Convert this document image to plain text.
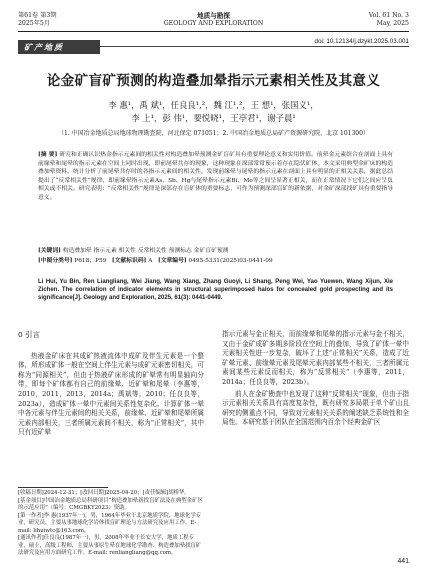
第61卷 第3期
2025年5月
地质与勘探
GEOLOGY AND EXPLORATION
Vol. 61 No. 3
May, 2025
矿产地质
doi: 10.12134/j.dzykt.2025.03.001
论金矿盲矿预测的构造叠加晕指示元素相关性及其意义
李 惠¹，禹 斌¹，任良良¹,²，魏 江¹,²，王 想¹，张国义¹，
李 上¹，彭 伟¹，要悦晓¹，王亭君¹，谢子晨¹
（1. 中国冶金地质总局地球物理勘查院，河北保定 071051；2. 中国冶金地质总局矿产资源研究院，北京 101300）
[摘 要] 研究和正确认识热金指示元素间的相关性对构造叠加晕预测金矿盲矿具有重要理论意义和实用价值。前晕金元素组合在剖面上具有前缘晕和尾晕的指示元素在空间上同时出现，即前尾晕共存的现象，这种现象在深部常常预示着存在隐伏矿体。本文采用典型金矿床的构造叠加晕资料，统计分析了前尾晕共存时的各指示元素间的相关性，发现前缘晕与尾晕的指示元素在剖面上具有明显的正相关关系，据此总结提出了“反常相关性”规律，即前缘晕指示元素As、Sb、Hg与尾晕指示元素Bi、Mo等之间呈显著正相关，而在正常情况下它们之间应呈负相关或不相关。研究表明：“反常相关性”规律是深部存在盲矿体的重要标志，可作为预测深部盲矿的新依据，对金矿深部找矿具有重要指导意义。
[关键词] 构造叠加晕 指示元素 相关性 反常相关性 预测标志 金矿盲矿预测
[中图分类号] P618；P59 [文献标识码] A [文章编号] 0495-5331(2025)03-0441-09
Li Hui, Yu Bin, Ren Liangliang, Wei Jiang, Wang Xiang, Zhang Guoyi, Li Shang, Peng Wei, Yao Yuewen, Wang Xijun, Xie Zichen. The correlation of indicator elements in structural superimposed halos for concealed gold prospecting and its significance[J]. Geology and Exploration, 2025, 61(3): 0441-0449.
0 引言

热液金矿床在其成矿热液流体中成矿及伴生元素是一个整体，所形成矿体一般在空间上伴生元素与成矿元素密切相关，可称为“同源相关”，但由于热液矿床形成的矿晕常有明显轴向分带，即每个矿体都有自己的前缘晕、近矿晕和尾晕（李惠等，2010，2011，2013，2014a；禹斌等，2010；任良良等，2023a），造成矿体一晕中元素间关系性复杂化。计算矿体一晕中各元素与伴生元素间的相关关系，前缘晕、近矿晕和尾晕所属元素内部相关，三者所属元素间不相关，称为“正常相关”，其中只有近矿晕

指示元素与金正相关，而前缘晕和尾晕的指示元素与金不相关，又由于金矿成矿多期多阶段在空间上的叠加，导致了矿体一晕中元素相关性进一步复杂，破坏了上述“正常相关”关系，造成了近矿晕元素、前缘晕元素及尾晕元素内部某些不相关，三者所属元素间某些元素反而相关，称为“反常相关”（李惠等，2011，2014a；任良良等，2023b）。

前人在金矿勘查中也发现了这种“反常相关”现象，但由于指示元素相关关系具有高度复杂性，既有研究多局限于单个矿山且研究的侧重点不同，导致对元素相关关系的阐述缺乏系统性和全局性。本研究基于团队在全国范围内百余个经典金矿区

[收稿日期]2024-12-31；[改回日期]2025-04-20；[责任编辑]胡桥华。

[基金项目]中国冶金地质总局科研项目“构造叠加晕新找盲矿法及在典型金矿区的示范应用”（编号：CMGBKY2023）资助。

[第一作者]李 惠(1937年一)，男，1964年毕业于北京地质学院，地球化学专业，研究员，主要从事地球化学岩体找盲矿理论与方法研究及应用工作。E-mail: lihuiwtc@163.com。

[通讯作者]任良良(1987年一)，男，2008年毕业于长安大学，地质工程专业，硕士，高级工程师，主要从事原生晕在地球化学勘查、构造叠加晕找盲矿法研究及应用方面研究工作。E-mail: renliangliang@qq.com。

441
